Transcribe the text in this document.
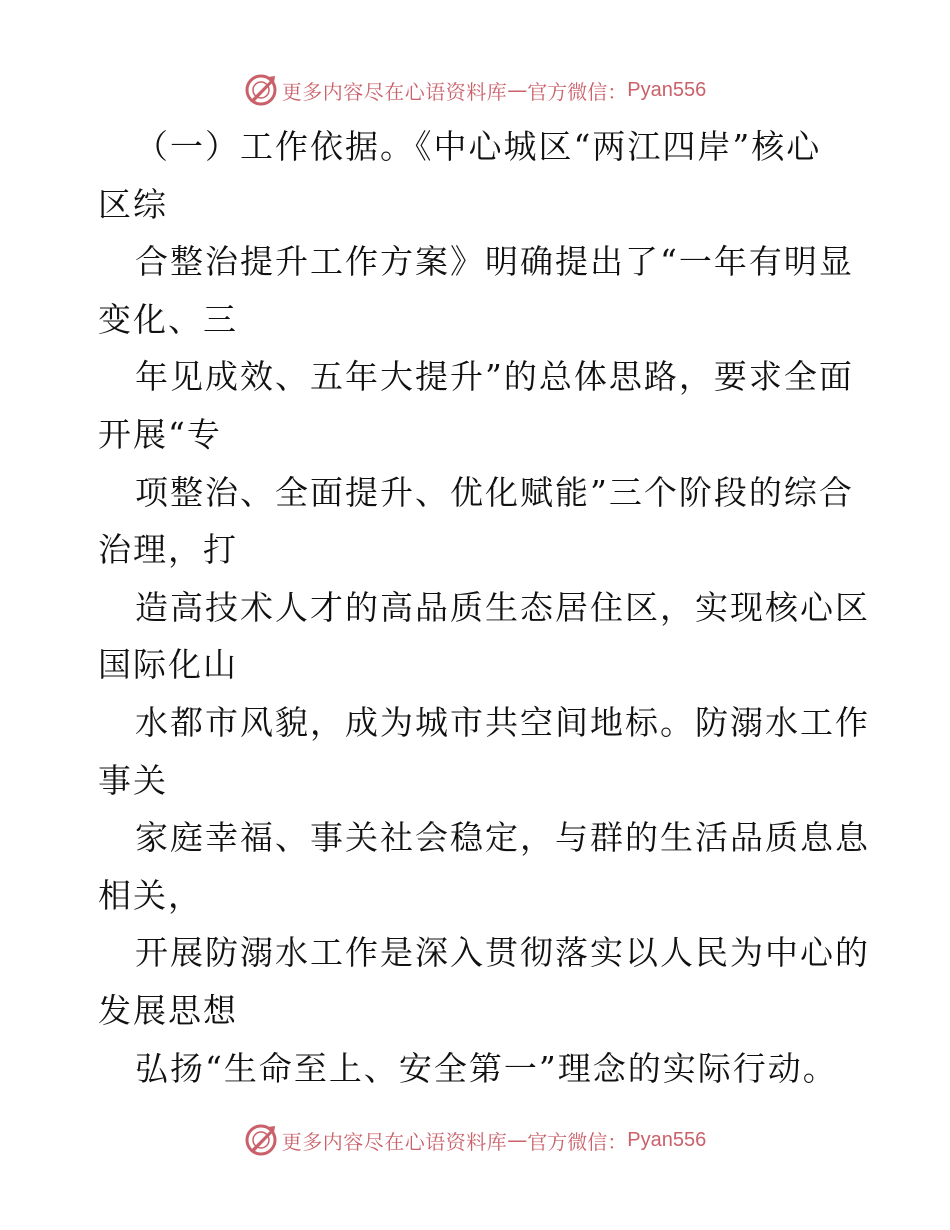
更多内容尽在心语资料库 — 官方微信： Pyan556
（一）工作依据。《中心城区“两江四岸”核心
区综
合整治提升工作方案》明确提出了“一年有明显
变化、三
年见成效、五年大提升”的总体思路，要求全面
开展“专
项整治、全面提升、优化赋能”三个阶段的综合
治理，打
造高技术人才的高品质生态居住区，实现核心区
国际化山
水都市风貌，成为城市共空间地标。防溺水工作
事关
家庭幸福、事关社会稳定，与群的生活品质息息
相关，
开展防溺水工作是深入贯彻落实以人民为中心的
发展思想
弘扬“生命至上、安全第一”理念的实际行动。
更多内容尽在心语资料库 — 官方微信： Pyan556
